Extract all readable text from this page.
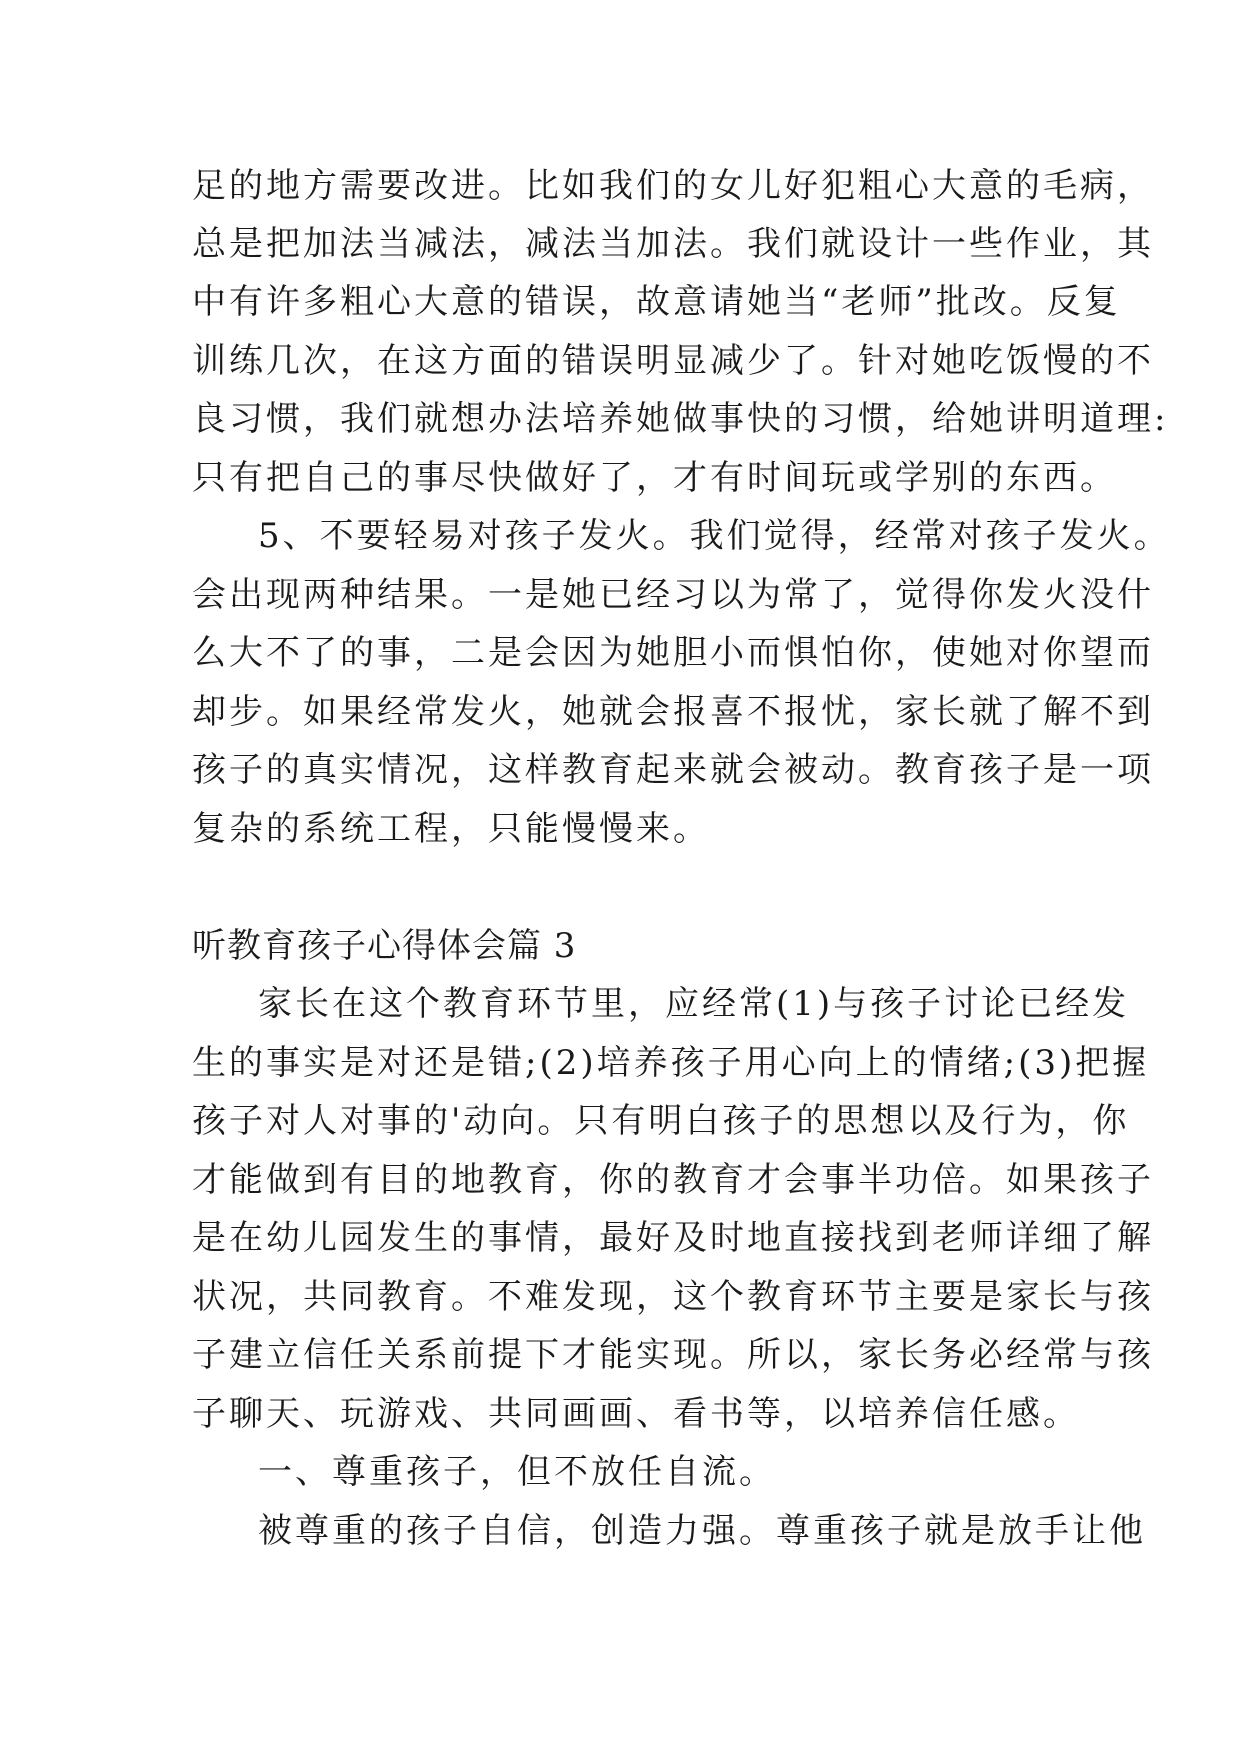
足的地方需要改进。比如我们的女儿好犯粗心大意的毛病，
总是把加法当减法，减法当加法。我们就设计一些作业，其
中有许多粗心大意的错误，故意请她当“老师”批改。反复
训练几次，在这方面的错误明显减少了。针对她吃饭慢的不
良习惯，我们就想办法培养她做事快的习惯，给她讲明道理:
只有把自己的事尽快做好了，才有时间玩或学别的东西。
5、不要轻易对孩子发火。我们觉得，经常对孩子发火。
会出现两种结果。一是她已经习以为常了，觉得你发火没什
么大不了的事，二是会因为她胆小而惧怕你，使她对你望而
却步。如果经常发火，她就会报喜不报忧，家长就了解不到
孩子的真实情况，这样教育起来就会被动。教育孩子是一项
复杂的系统工程，只能慢慢来。
听教育孩子心得体会篇 3
家长在这个教育环节里，应经常(1)与孩子讨论已经发
生的事实是对还是错;(2)培养孩子用心向上的情绪;(3)把握
孩子对人对事的'动向。只有明白孩子的思想以及行为，你
才能做到有目的地教育，你的教育才会事半功倍。如果孩子
是在幼儿园发生的事情，最好及时地直接找到老师详细了解
状况，共同教育。不难发现，这个教育环节主要是家长与孩
子建立信任关系前提下才能实现。所以，家长务必经常与孩
子聊天、玩游戏、共同画画、看书等，以培养信任感。
一、尊重孩子，但不放任自流。
被尊重的孩子自信，创造力强。尊重孩子就是放手让他
